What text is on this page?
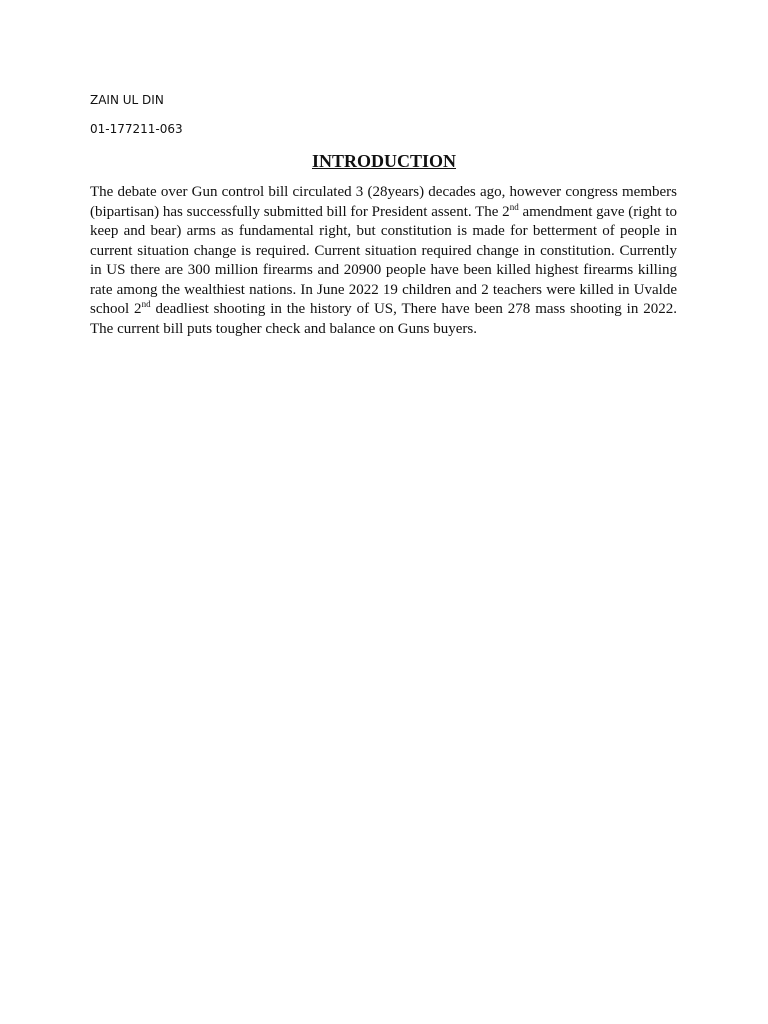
ZAIN UL DIN
01-177211-063
INTRODUCTION

The debate over Gun control bill circulated 3 (28years) decades ago, however congress members (bipartisan) has successfully submitted bill for President assent. The 2nd amendment gave (right to keep and bear) arms as fundamental right, but constitution is made for betterment of people in current situation change is required. Current situation required change in constitution. Currently in US there are 300 million firearms and 20900 people have been killed highest firearms killing rate among the wealthiest nations. In June 2022 19 children and 2 teachers were killed in Uvalde school 2nd deadliest shooting in the history of US, There have been 278 mass shooting in 2022. The current bill puts tougher check and balance on Guns buyers.
